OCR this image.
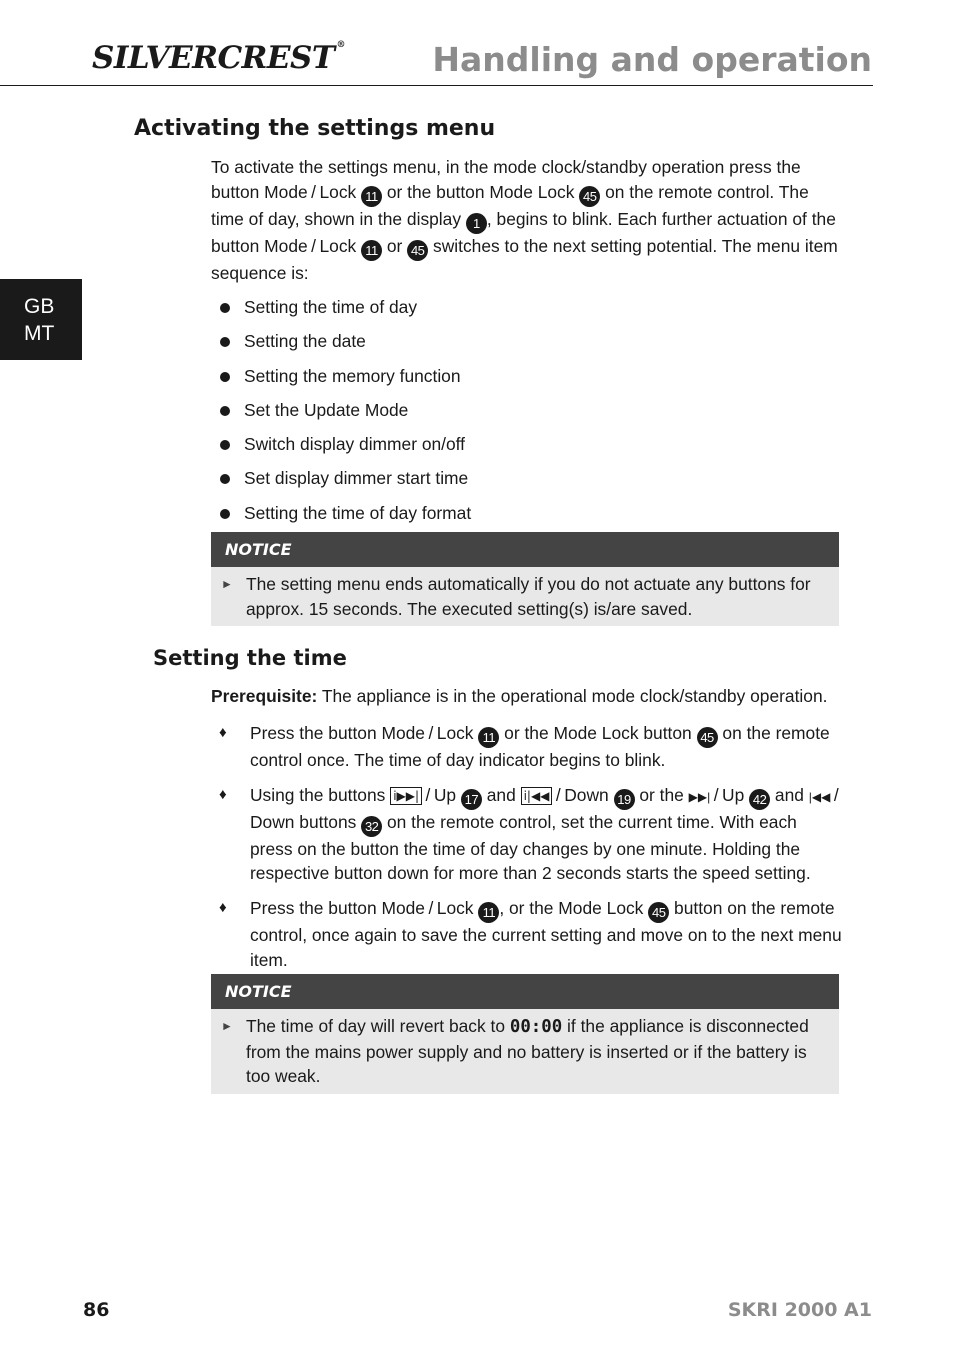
SILVERCREST ®	Handling and operation
GB
MT
Activating the settings menu
To activate the settings menu, in the mode clock/standby operation press the button Mode / Lock 11 or the button Mode Lock 45 on the remote control. The time of day, shown in the display 1 , begins to blink. Each further actuation of the button Mode / Lock 11 or 45 switches to the next setting potential. The menu item sequence is:
Setting the time of day
Setting the date
Setting the memory function
Set the Update Mode
Switch display dimmer on/off
Set display dimmer start time
Setting the time of day format
NOTICE
► The setting menu ends automatically if you do not actuate any buttons for approx. 15 seconds. The executed setting(s) is/are saved.
Setting the time
Prerequisite: The appliance is in the operational mode clock/standby operation.
♦ Press the button Mode / Lock 11 or the Mode Lock button 45 on the remote control once. The time of day indicator begins to blink.
♦ Using the buttons i▶▶| / Up 17 and i|◀◀ / Down 19 or the ▶▶| / Up 42 and |◀◀ / Down buttons 32 on the remote control, set the current time. With each press on the button the time of day changes by one minute. Holding the respective button down for more than 2 seconds starts the speed setting.
♦ Press the button Mode / Lock 11 , or the Mode Lock 45 button on the remote control, once again to save the current setting and move on to the next menu item.
NOTICE
► The time of day will revert back to 00:00 if the appliance is disconnected from the mains power supply and no battery is inserted or if the battery is too weak.
86	SKRI 2000 A1
